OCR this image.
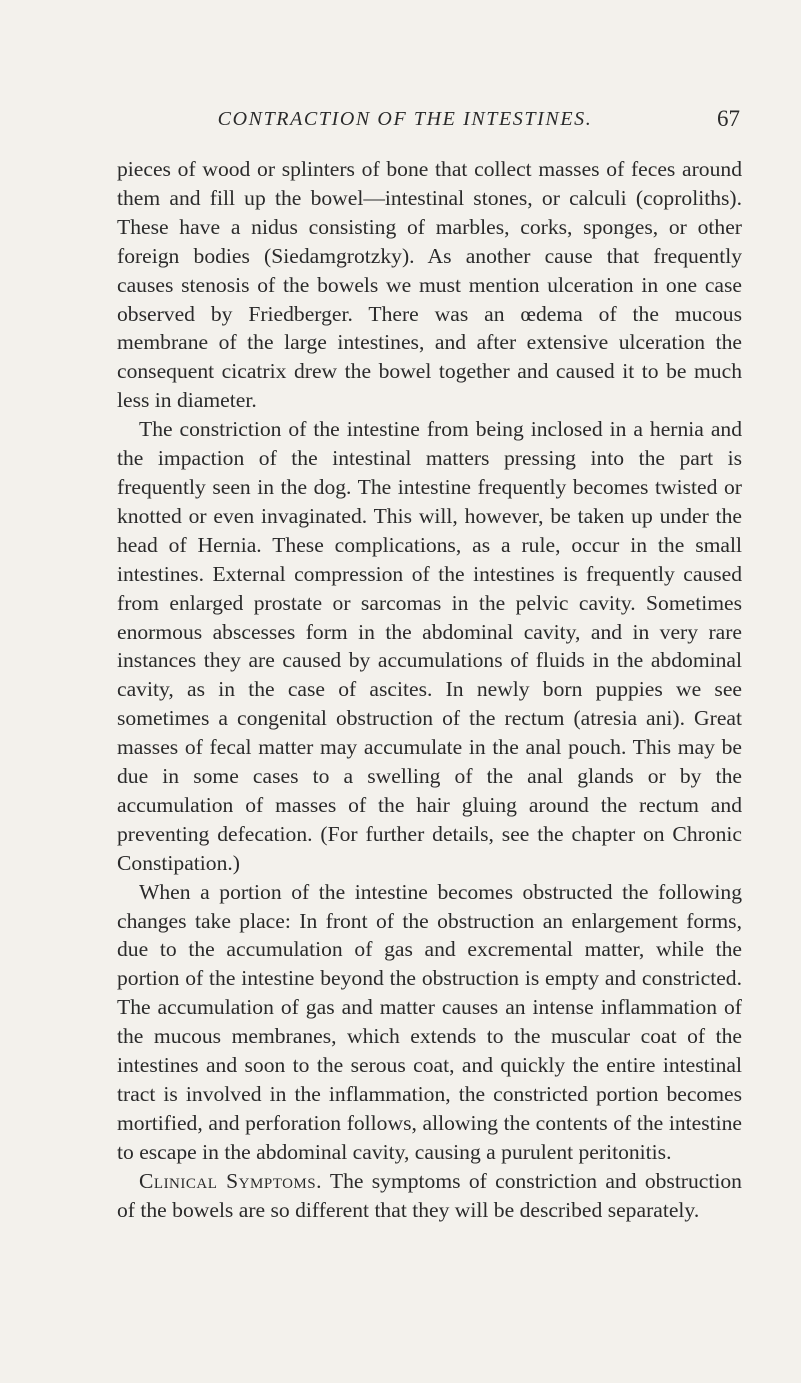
CONTRACTION OF THE INTESTINES.	67

pieces of wood or splinters of bone that collect masses of feces around them and fill up the bowel—intestinal stones, or calculi (coproliths). These have a nidus consisting of marbles, corks, sponges, or other foreign bodies (Siedamgrotzky). As another cause that frequently causes stenosis of the bowels we must mention ulceration in one case observed by Friedberger. There was an œdema of the mucous membrane of the large intestines, and after extensive ulceration the consequent cicatrix drew the bowel together and caused it to be much less in diameter.

The constriction of the intestine from being inclosed in a hernia and the impaction of the intestinal matters pressing into the part is frequently seen in the dog. The intestine frequently becomes twisted or knotted or even invaginated. This will, however, be taken up under the head of Hernia. These complications, as a rule, occur in the small intestines. External compression of the intestines is frequently caused from enlarged prostate or sarcomas in the pelvic cavity. Sometimes enormous abscesses form in the abdominal cavity, and in very rare instances they are caused by accumulations of fluids in the abdominal cavity, as in the case of ascites. In newly born puppies we see sometimes a congenital obstruction of the rectum (atresia ani). Great masses of fecal matter may accumulate in the anal pouch. This may be due in some cases to a swelling of the anal glands or by the accumulation of masses of the hair gluing around the rectum and preventing defecation. (For further details, see the chapter on Chronic Constipation.)

When a portion of the intestine becomes obstructed the following changes take place: In front of the obstruction an enlargement forms, due to the accumulation of gas and excremental matter, while the portion of the intestine beyond the obstruction is empty and constricted. The accumulation of gas and matter causes an intense inflammation of the mucous membranes, which extends to the muscular coat of the intestines and soon to the serous coat, and quickly the entire intestinal tract is involved in the inflammation, the constricted portion becomes mortified, and perforation follows, allowing the contents of the intestine to escape in the abdominal cavity, causing a purulent peritonitis.

Clinical Symptoms. The symptoms of constriction and obstruction of the bowels are so different that they will be described separately.
